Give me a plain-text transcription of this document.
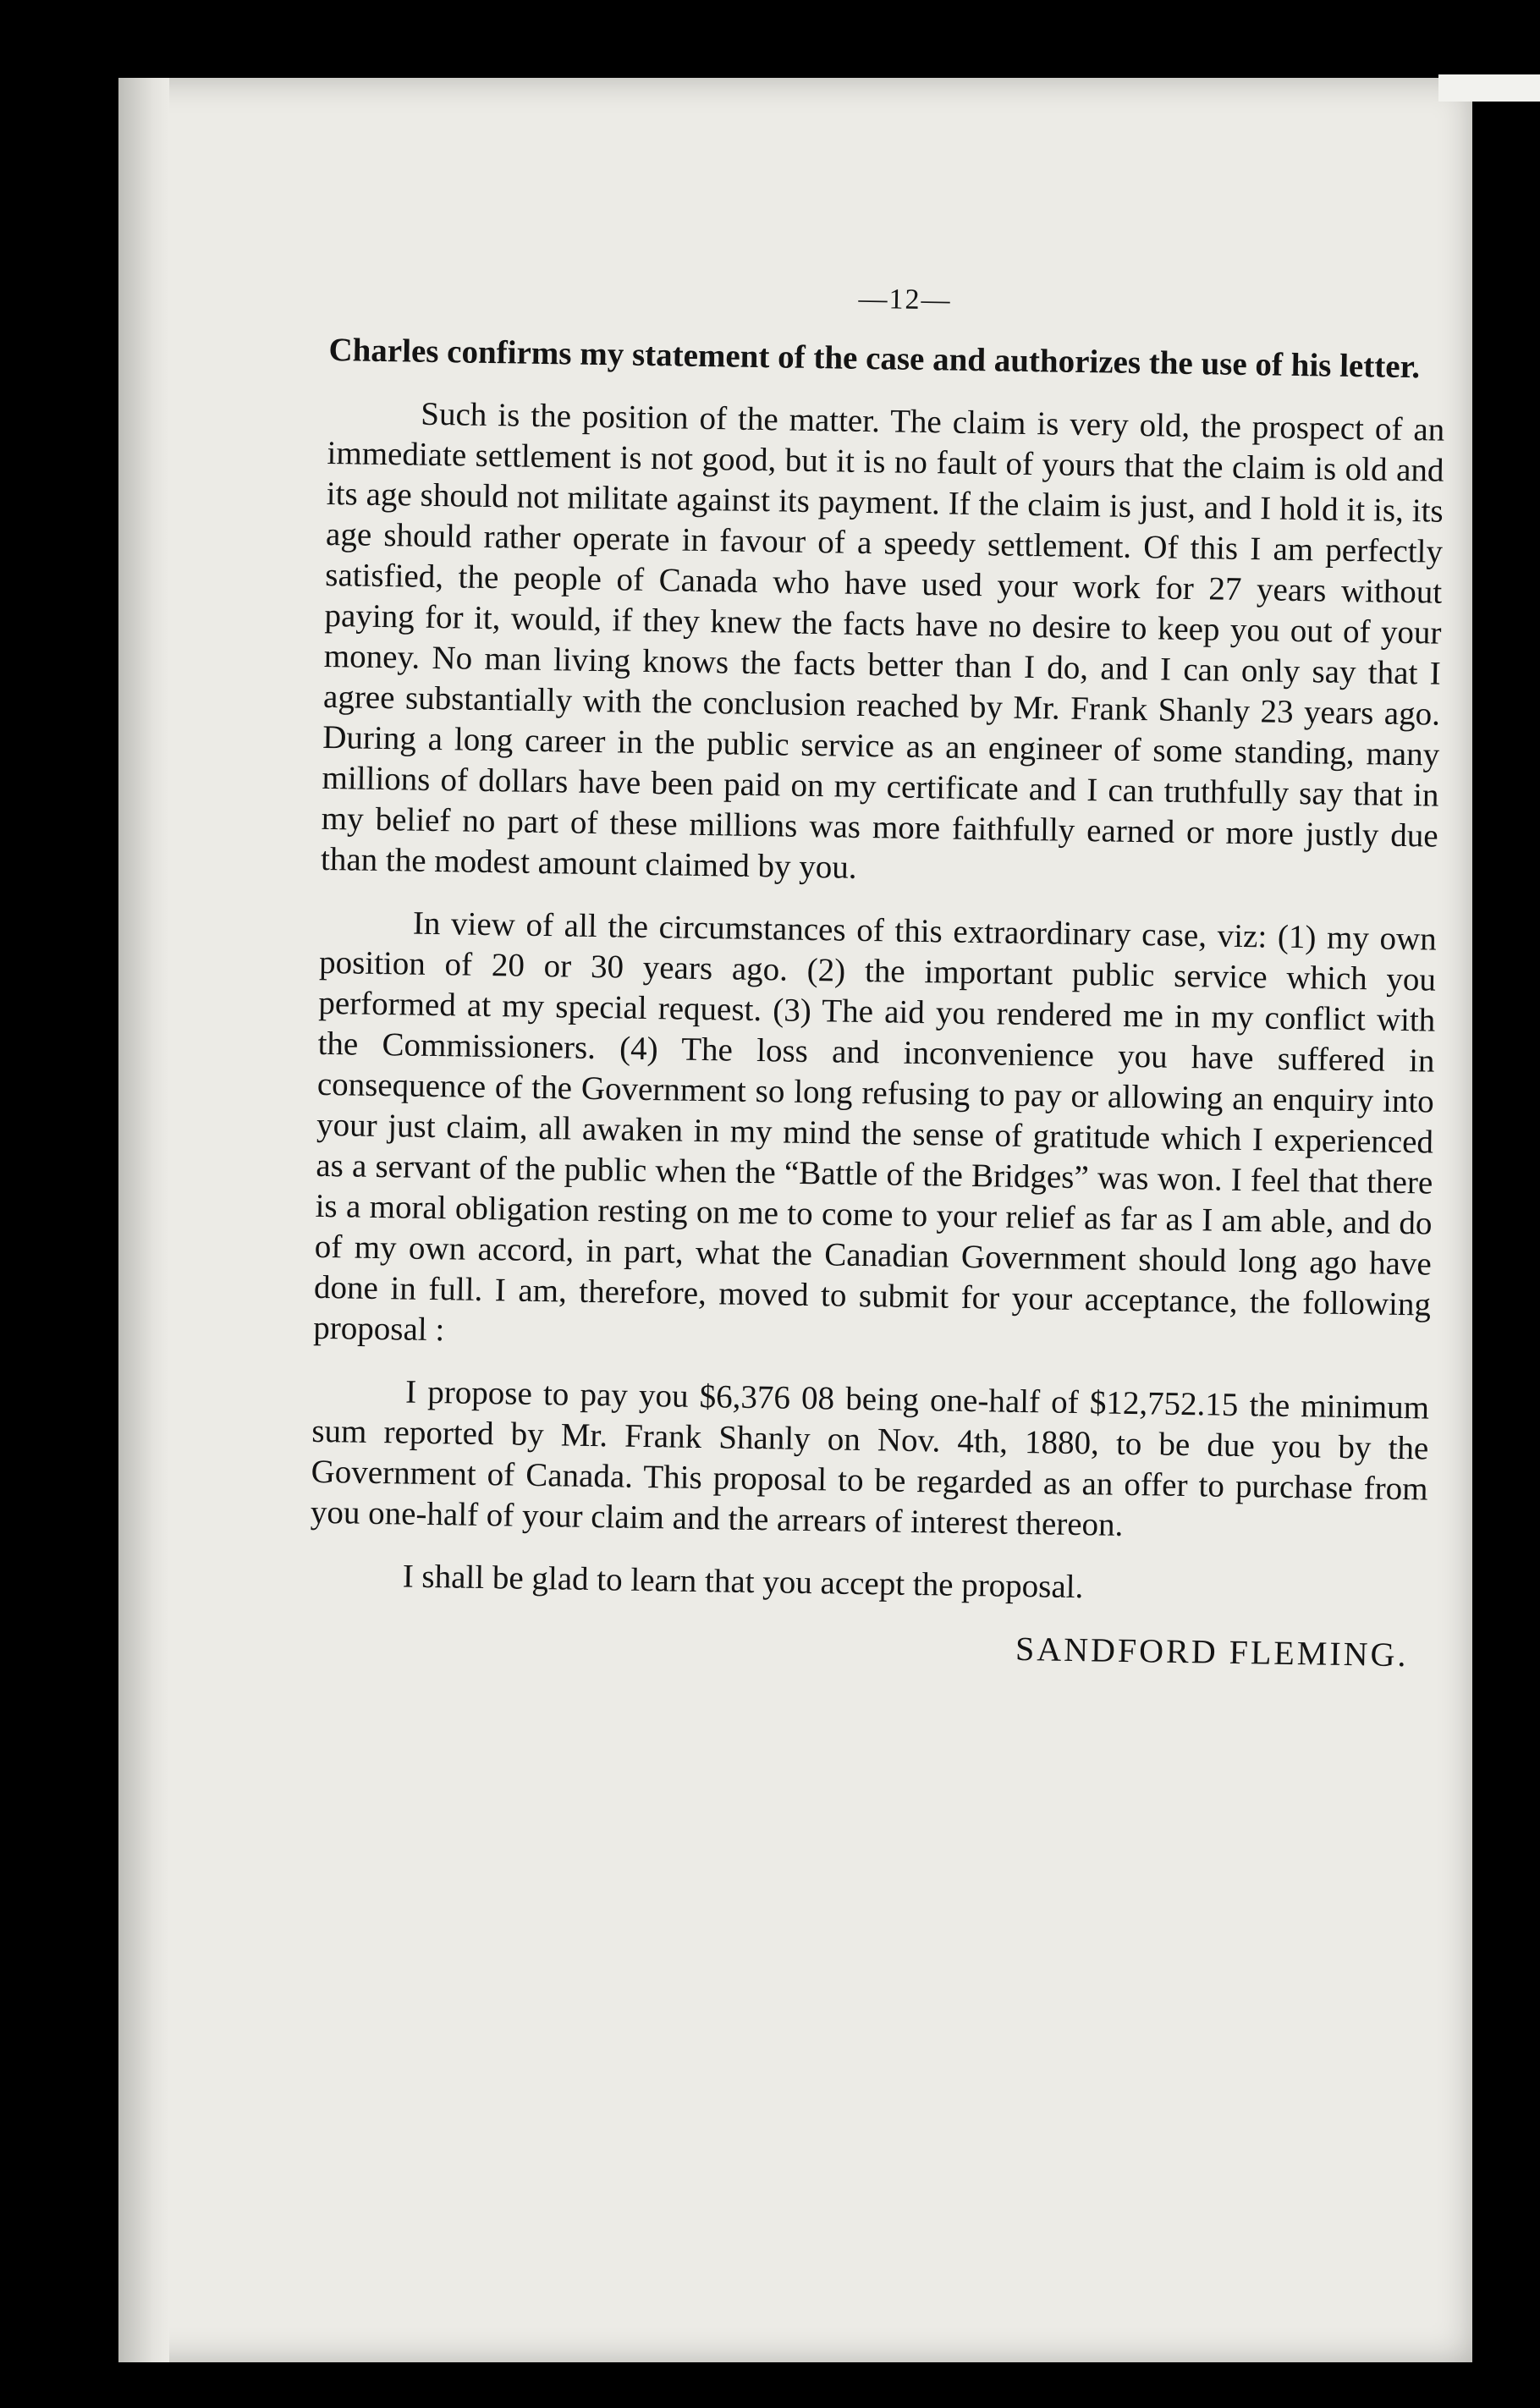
—12—

Charles confirms my statement of the case and authorizes the use of his letter.

Such is the position of the matter. The claim is very old, the prospect of an immediate settlement is not good, but it is no fault of yours that the claim is old and its age should not militate against its payment. If the claim is just, and I hold it is, its age should rather operate in favour of a speedy settlement. Of this I am perfectly satisfied, the people of Canada who have used your work for 27 years without paying for it, would, if they knew the facts have no desire to keep you out of your money. No man living knows the facts better than I do, and I can only say that I agree substantially with the conclusion reached by Mr. Frank Shanly 23 years ago. During a long career in the public service as an engineer of some standing, many millions of dollars have been paid on my certificate and I can truthfully say that in my belief no part of these millions was more faithfully earned or more justly due than the modest amount claimed by you.

In view of all the circumstances of this extraordinary case, viz: (1) my own position of 20 or 30 years ago. (2) the important public service which you performed at my special request. (3) The aid you rendered me in my conflict with the Commissioners. (4) The loss and inconvenience you have suffered in consequence of the Government so long refusing to pay or allowing an enquiry into your just claim, all awaken in my mind the sense of gratitude which I experienced as a servant of the public when the “Battle of the Bridges” was won. I feel that there is a moral obligation resting on me to come to your relief as far as I am able, and do of my own accord, in part, what the Canadian Government should long ago have done in full. I am, therefore, moved to submit for your acceptance, the following proposal :

I propose to pay you $6,376 08 being one-half of $12,752.15 the minimum sum reported by Mr. Frank Shanly on Nov. 4th, 1880, to be due you by the Government of Canada. This proposal to be regarded as an offer to purchase from you one-half of your claim and the arrears of interest thereon.

I shall be glad to learn that you accept the proposal.

SANDFORD FLEMING.
